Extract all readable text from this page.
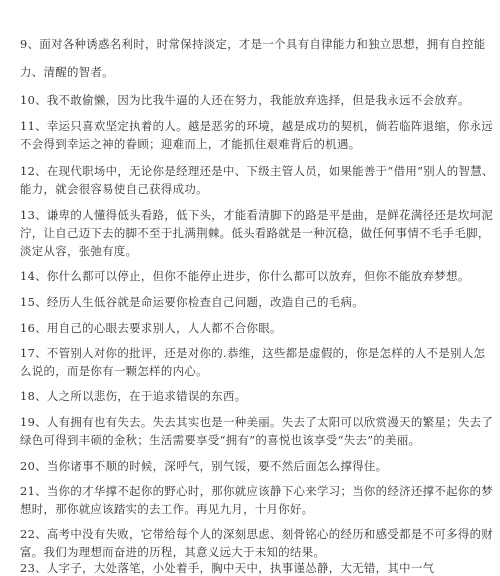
9、面对各种诱惑名利时，时常保持淡定，才是一个具有自律能力和独立思想，拥有自控能
力、清醒的智者。
10、我不敢偷懒，因为比我牛逼的人还在努力，我能放弃选择，但是我永远不会放弃。
11、幸运只喜欢坚定执着的人。越是恶劣的环境，越是成功的契机，倘若临阵退缩，你永远
不会得到幸运之神的眷顾；迎难而上，才能抓住艰难背后的机遇。
12、在现代职场中，无论你是经理还是中、下级主管人员，如果能善于“借用”别人的智慧、
能力，就会很容易使自己获得成功。
13、谦卑的人懂得低头看路，低下头，才能看清脚下的路是平是曲，是鲜花满径还是坎坷泥
泞，让自己迈下去的脚不至于扎满荆棘。低头看路就是一种沉稳，做任何事情不毛手毛脚，
淡定从容，张弛有度。
14、你什么都可以停止，但你不能停止进步，你什么都可以放弃，但你不能放弃梦想。
15、经历人生低谷就是命运要你检查自己问题，改造自己的毛病。
16、用自己的心眼去要求别人，人人都不合你眼。
17、不管别人对你的批评，还是对你的.恭维，这些都是虚假的，你是怎样的人不是别人怎
么说的，而是你有一颗怎样的内心。
18、人之所以悲伤，在于追求错误的东西。
19、人有拥有也有失去。失去其实也是一种美丽。失去了太阳可以欣赏漫天的繁星；失去了
绿色可得到丰硕的金秋；生活需要享受“拥有”的喜悦也该享受“失去”的美丽。
20、当你诸事不顺的时候，深呼气，别气馁，要不然后面怎么撑得住。
21、当你的才华撑不起你的野心时，那你就应该静下心来学习；当你的经济还撑不起你的梦
想时，那你就应该踏实的去工作。再见九月，十月你好。
22、高考中没有失败，它带给每个人的深刻思虑、刻骨铭心的经历和感受都是不可多得的财
富。我们为理想而奋进的历程，其意义远大于未知的结果。
23、人字子，大处落笔，小处着手，胸中天中，执事谨怂静，大无错，其中一气
